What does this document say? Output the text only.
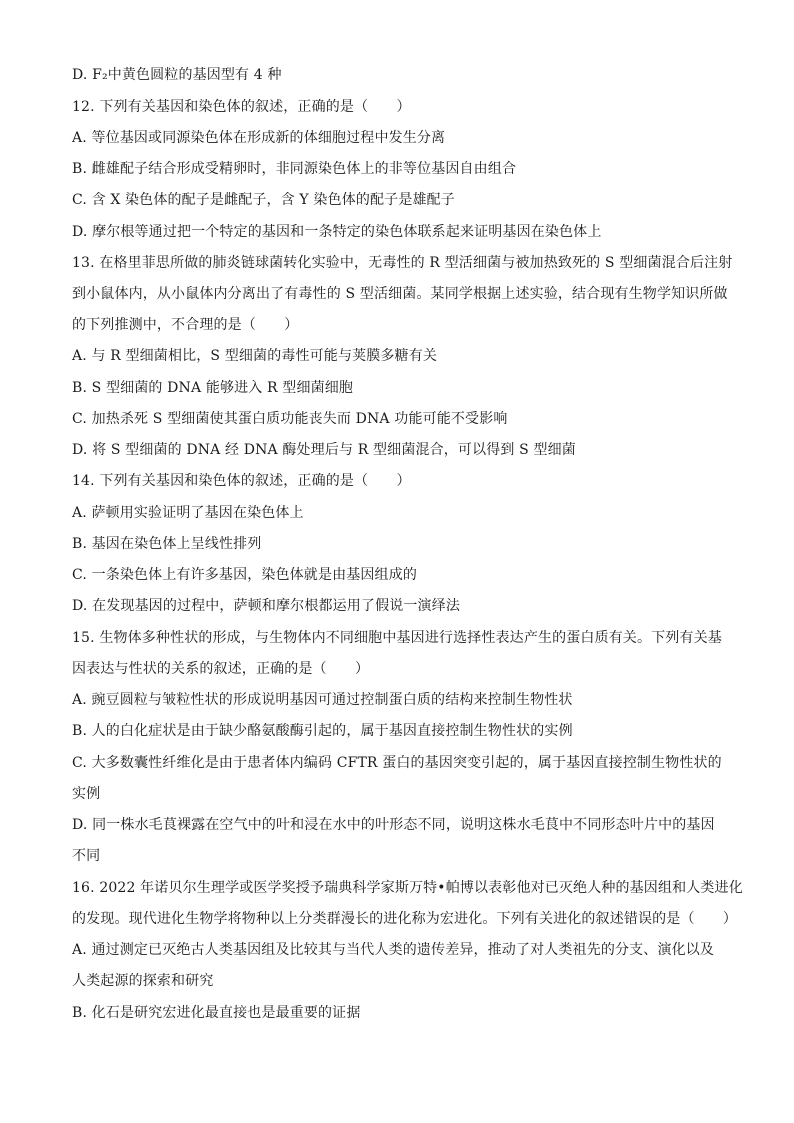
D. F₂中黄色圆粒的基因型有 4 种
12. 下列有关基因和染色体的叙述，正确的是（　　）
A. 等位基因或同源染色体在形成新的体细胞过程中发生分离
B. 雌雄配子结合形成受精卵时，非同源染色体上的非等位基因自由组合
C. 含 X 染色体的配子是雌配子，含 Y 染色体的配子是雄配子
D. 摩尔根等通过把一个特定的基因和一条特定的染色体联系起来证明基因在染色体上
13. 在格里菲思所做的肺炎链球菌转化实验中，无毒性的 R 型活细菌与被加热致死的 S 型细菌混合后注射
到小鼠体内，从小鼠体内分离出了有毒性的 S 型活细菌。某同学根据上述实验，结合现有生物学知识所做
的下列推测中，不合理的是（　　）
A. 与 R 型细菌相比，S 型细菌的毒性可能与荚膜多糖有关
B. S 型细菌的 DNA 能够进入 R 型细菌细胞
C. 加热杀死 S 型细菌使其蛋白质功能丧失而 DNA 功能可能不受影响
D. 将 S 型细菌的 DNA 经 DNA 酶处理后与 R 型细菌混合，可以得到 S 型细菌
14. 下列有关基因和染色体的叙述，正确的是（　　）
A. 萨顿用实验证明了基因在染色体上
B. 基因在染色体上呈线性排列
C. 一条染色体上有许多基因，染色体就是由基因组成的
D. 在发现基因的过程中，萨顿和摩尔根都运用了假说一演绎法
15. 生物体多种性状的形成，与生物体内不同细胞中基因进行选择性表达产生的蛋白质有关。下列有关基
因表达与性状的关系的叙述，正确的是（　　）
A. 豌豆圆粒与皱粒性状的形成说明基因可通过控制蛋白质的结构来控制生物性状
B. 人的白化症状是由于缺少酪氨酸酶引起的，属于基因直接控制生物性状的实例
C. 大多数囊性纤维化是由于患者体内编码 CFTR 蛋白的基因突变引起的，属于基因直接控制生物性状的
实例
D. 同一株水毛茛裸露在空气中的叶和浸在水中的叶形态不同，说明这株水毛茛中不同形态叶片中的基因
不同
16. 2022 年诺贝尔生理学或医学奖授予瑞典科学家斯万特•帕博以表彰他对已灭绝人种的基因组和人类进化
的发现。现代进化生物学将物种以上分类群漫长的进化称为宏进化。下列有关进化的叙述错误的是（　　）
A. 通过测定已灭绝古人类基因组及比较其与当代人类的遗传差异，推动了对人类祖先的分支、演化以及
人类起源的探索和研究
B. 化石是研究宏进化最直接也是最重要的证据
